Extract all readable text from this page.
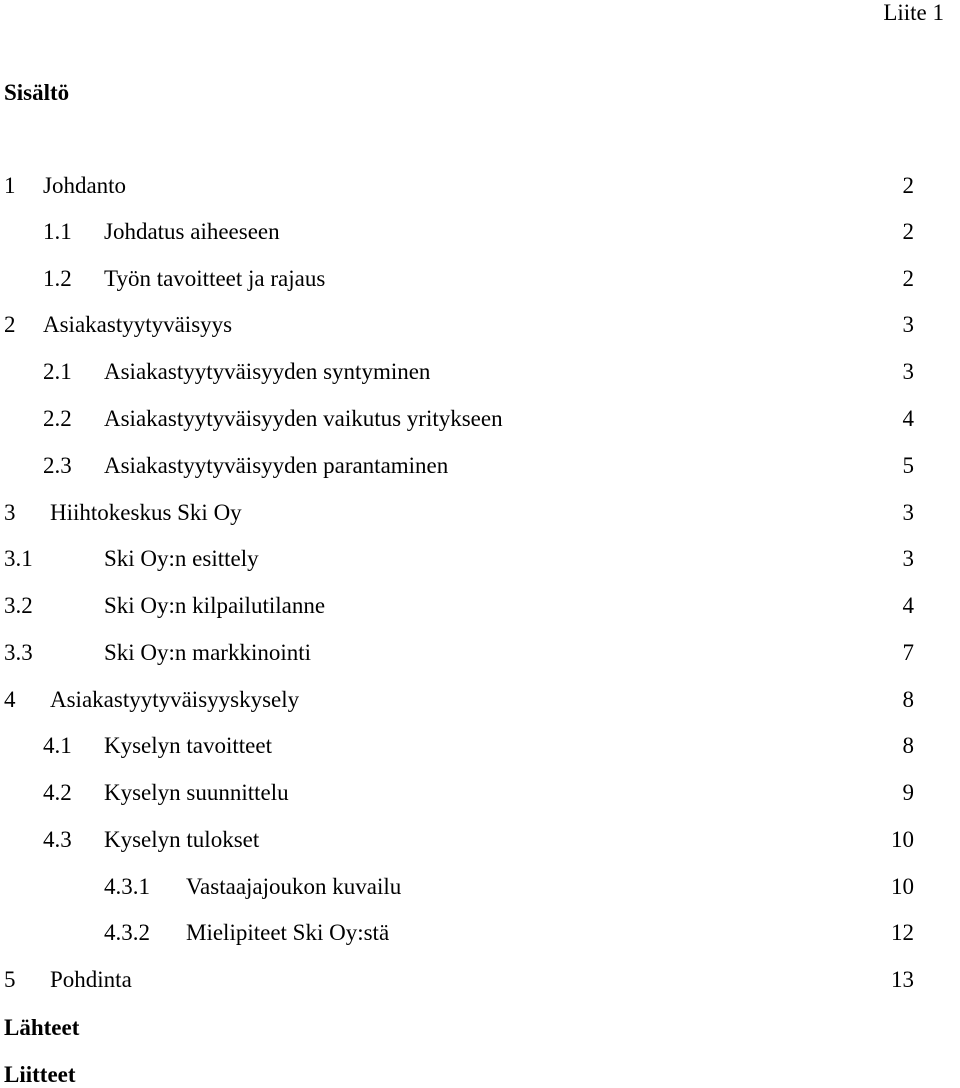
Liite 1
Sisältö
1 Johdanto	2
1.1 Johdatus aiheeseen	2
1.2 Työn tavoitteet ja rajaus	2
2 Asiakastyytyväisyys	3
2.1 Asiakastyytyväisyyden syntyminen	3
2.2 Asiakastyytyväisyyden vaikutus yritykseen	4
2.3 Asiakastyytyväisyyden parantaminen	5
3 Hiihtokeskus Ski Oy	3
3.1	Ski Oy:n esittely	3
3.2	Ski Oy:n kilpailutilanne	4
3.3	Ski Oy:n markkinointi	7
4 Asiakastyytyväisyyskysely	8
4.1 Kyselyn tavoitteet	8
4.2 Kyselyn suunnittelu	9
4.3 Kyselyn tulokset	10
4.3.1 Vastaajajoukon kuvailu	10
4.3.2 Mielipiteet Ski Oy:stä	12
5 Pohdinta	13
Lähteet
Liitteet
